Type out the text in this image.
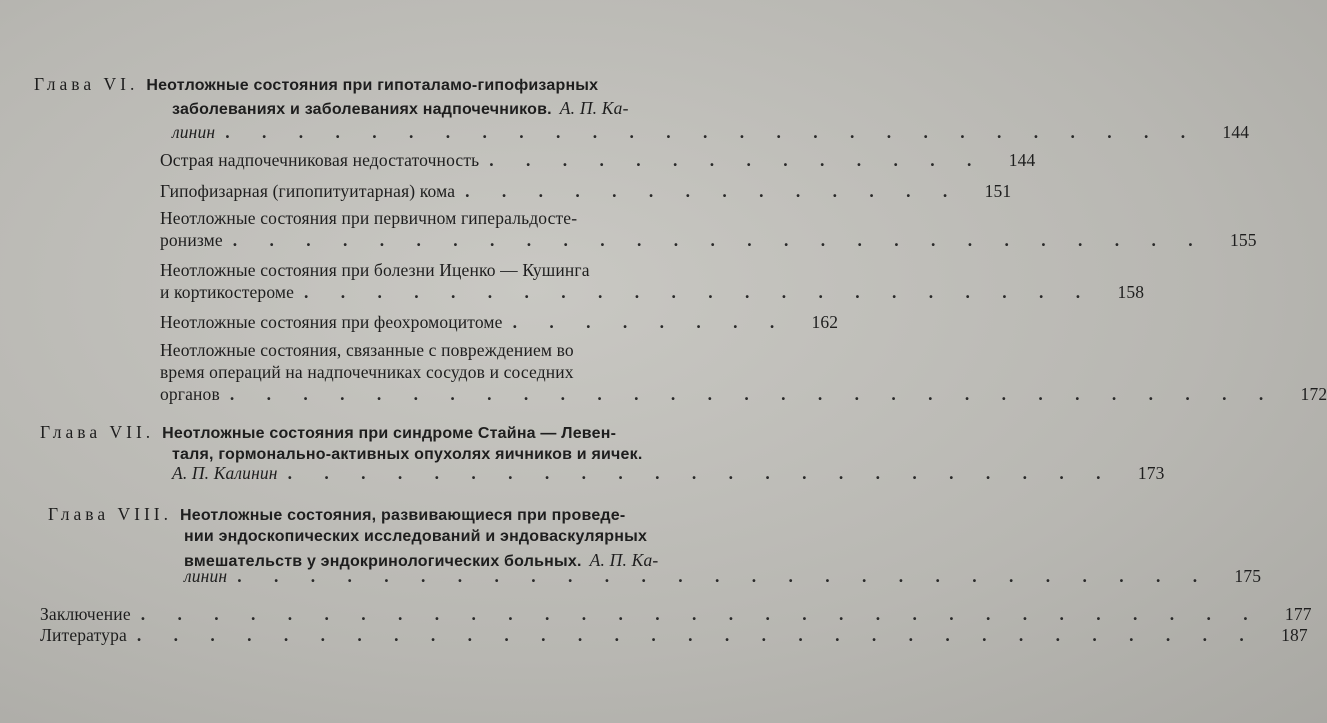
Глава VI. Неотложные состояния при гипоталамо-гипофизарных
заболеваниях и заболеваниях надпочечников. А. П. Ка-
линин . . . . . . . . . . . . . . . . . . . . . . . . . . .	144
Острая надпочечниковая недостаточность . . . . . . . . . . . . . .	144
Гипофизарная (гипопитуитарная) кома . . . . . . . . . . . . . .	151
Неотложные состояния при первичном гиперальдосте-
ронизме . . . . . . . . . . . . . . . . . . . . . . . . . . .	155
Неотложные состояния при болезни Иценко — Кушинга
и кортикостероме . . . . . . . . . . . . . . . . . . . . . .	158
Неотложные состояния при феохромоцитоме . . . . . . . .	162
Неотложные состояния, связанные с повреждением во
время операций на надпочечниках сосудов и соседних
органов . . . . . . . . . . . . . . . . . . . . . . . . . . . . .	172
Глава VII. Неотложные состояния при синдроме Стайна — Левен-
таля, гормонально-активных опухолях яичников и яичек.
А. П. Калинин . . . . . . . . . . . . . . . . . . . . . . .	173
Глава VIII. Неотложные состояния, развивающиеся при проведе-
нии эндоскопических исследований и эндоваскулярных
вмешательств у эндокринологических больных. А. П. Ка-
линин . . . . . . . . . . . . . . . . . . . . . . . . . . .	175
Заключение . . . . . . . . . . . . . . . . . . . . . . . . . . . . . . .	177
Литература . . . . . . . . . . . . . . . . . . . . . . . . . . . . . . .	187
